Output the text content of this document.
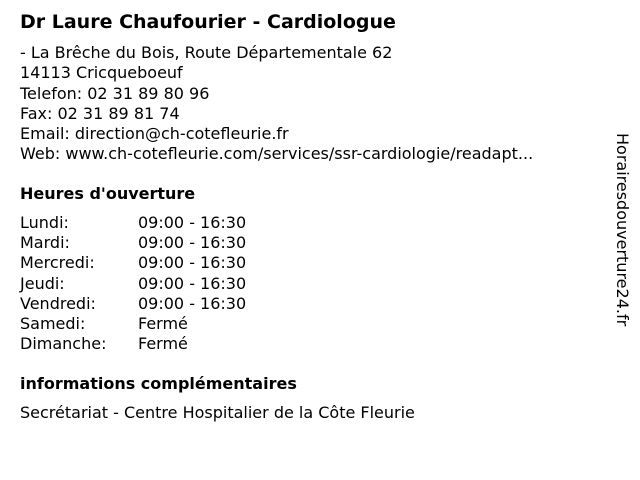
Dr Laure Chaufourier - Cardiologue
- La Brêche du Bois, Route Départementale 62
14113 Cricqueboeuf
Telefon: 02 31 89 80 96
Fax: 02 31 89 81 74
Email: direction@ch-cotefleurie.fr
Web: www.ch-cotefleurie.com/services/ssr-cardiologie/readapt...
Heures d'ouverture
Lundi:	09:00 - 16:30
Mardi:	09:00 - 16:30
Mercredi:	09:00 - 16:30
Jeudi:	09:00 - 16:30
Vendredi:	09:00 - 16:30
Samedi:	Fermé
Dimanche:	Fermé
informations complémentaires
Secrétariat - Centre Hospitalier de la Côte Fleurie
Horairesdouverture24.fr
